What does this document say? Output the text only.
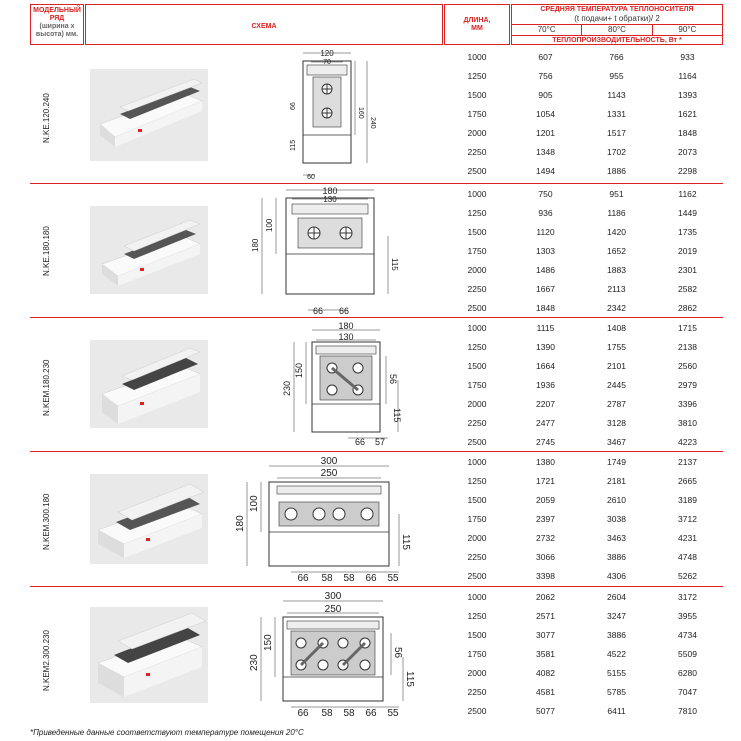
МОДЕЛЬНЫЙ
РЯД
(ширина х
высота) мм.
СХЕМА
ДЛИНА,
ММ
СРЕДНЯЯ ТЕМПЕРАТУРА ТЕПЛОНОСИТЕЛЯ
(t подачи+ t обратки)/ 2
70°С	80°С	90°С
ТЕПЛОПРОИЗВОДИТЕЛЬНОСТЬ, Вт *
N.KE.120.240
120
70
66
160
240
115
60
1000	607	766	933
1250	756	955	1164
1500	905	1143	1393
1750	1054	1331	1621
2000	1201	1517	1848
2250	1348	1702	2073
2500	1494	1886	2298
N.KE.180.180
180
130
100
180
115
66 66
1000	750	951	1162
1250	936	1186	1449
1500	1120	1420	1735
1750	1303	1652	2019
2000	1486	1883	2301
2250	1667	2113	2582
2500	1848	2342	2862
N.KEM.180.230
180
130
150
230
56
115
66 57
1000	1115	1408	1715
1250	1390	1755	2138
1500	1664	2101	2560
1750	1936	2445	2979
2000	2207	2787	3396
2250	2477	3128	3810
2500	2745	3467	4223
N.KEM.300.180
300
250
100
180
115
66 58 58 66 55
1000	1380	1749	2137
1250	1721	2181	2665
1500	2059	2610	3189
1750	2397	3038	3712
2000	2732	3463	4231
2250	3066	3886	4748
2500	3398	4306	5262
N.KEM2.300.230
300
250
150
230
56
115
66 58 58 66 55
1000	2062	2604	3172
1250	2571	3247	3955
1500	3077	3886	4734
1750	3581	4522	5509
2000	4082	5155	6280
2250	4581	5785	7047
2500	5077	6411	7810
*Приведенные данные соответствуют температуре помещения 20°С
